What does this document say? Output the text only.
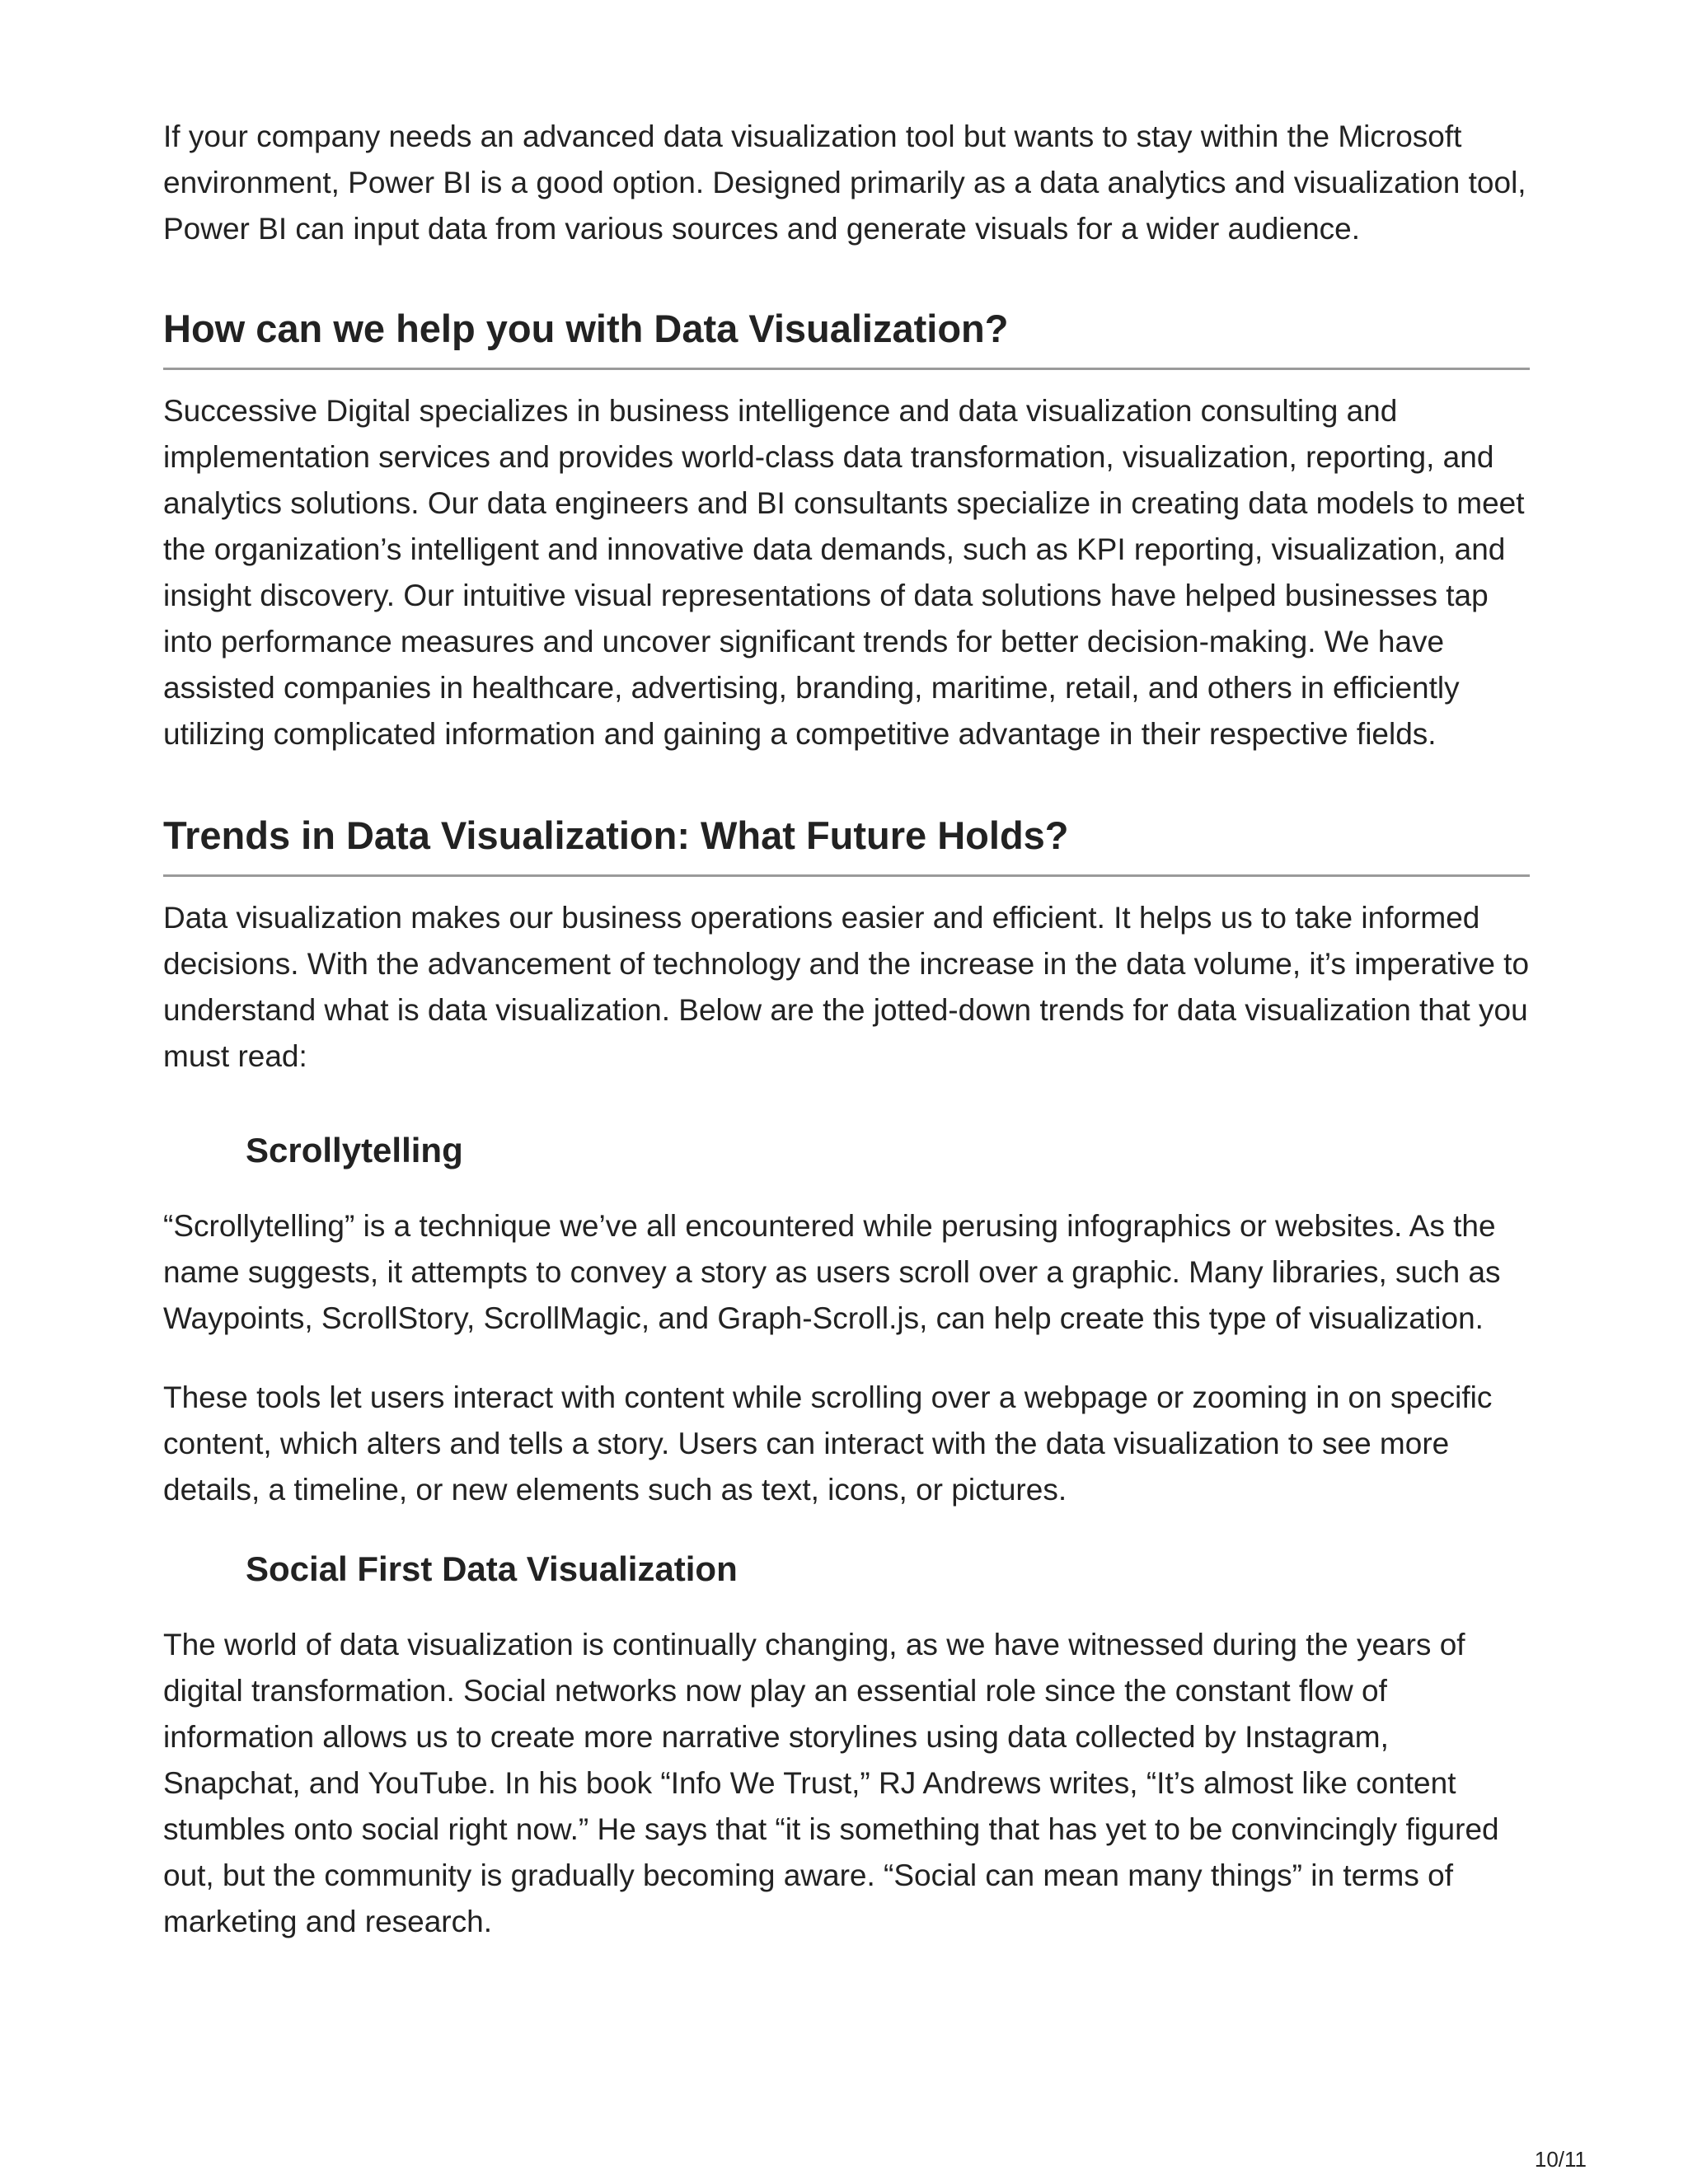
If your company needs an advanced data visualization tool but wants to stay within the Microsoft environment, Power BI is a good option. Designed primarily as a data analytics and visualization tool, Power BI can input data from various sources and generate visuals for a wider audience.

How can we help you with Data Visualization?

Successive Digital specializes in business intelligence and data visualization consulting and implementation services and provides world-class data transformation, visualization, reporting, and analytics solutions. Our data engineers and BI consultants specialize in creating data models to meet the organization’s intelligent and innovative data demands, such as KPI reporting, visualization, and insight discovery. Our intuitive visual representations of data solutions have helped businesses tap into performance measures and uncover significant trends for better decision-making. We have assisted companies in healthcare, advertising, branding, maritime, retail, and others in efficiently utilizing complicated information and gaining a competitive advantage in their respective fields.

Trends in Data Visualization: What Future Holds?

Data visualization makes our business operations easier and efficient. It helps us to take informed decisions. With the advancement of technology and the increase in the data volume, it’s imperative to understand what is data visualization. Below are the jotted-down trends for data visualization that you must read:

Scrollytelling

“Scrollytelling” is a technique we’ve all encountered while perusing infographics or websites. As the name suggests, it attempts to convey a story as users scroll over a graphic. Many libraries, such as Waypoints, ScrollStory, ScrollMagic, and Graph-Scroll.js, can help create this type of visualization.

These tools let users interact with content while scrolling over a webpage or zooming in on specific content, which alters and tells a story. Users can interact with the data visualization to see more details, a timeline, or new elements such as text, icons, or pictures.

Social First Data Visualization

The world of data visualization is continually changing, as we have witnessed during the years of digital transformation. Social networks now play an essential role since the constant flow of information allows us to create more narrative storylines using data collected by Instagram, Snapchat, and YouTube. In his book “Info We Trust,” RJ Andrews writes, “It’s almost like content stumbles onto social right now.” He says that “it is something that has yet to be convincingly figured out, but the community is gradually becoming aware. “Social can mean many things” in terms of marketing and research.

10/11
